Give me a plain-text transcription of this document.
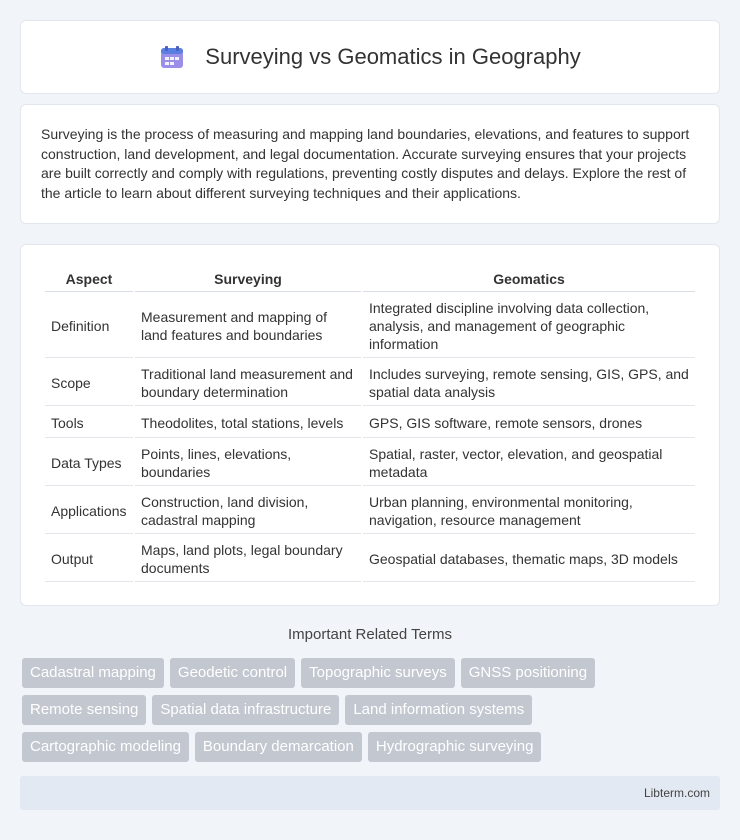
Surveying vs Geomatics in Geography

Surveying is the process of measuring and mapping land boundaries, elevations, and features to support construction, land development, and legal documentation. Accurate surveying ensures that your projects are built correctly and comply with regulations, preventing costly disputes and delays. Explore the rest of the article to learn about different surveying techniques and their applications.

Aspect	Surveying	Geomatics
Definition	Measurement and mapping of land features and boundaries	Integrated discipline involving data collection, analysis, and management of geographic information
Scope	Traditional land measurement and boundary determination	Includes surveying, remote sensing, GIS, GPS, and spatial data analysis
Tools	Theodolites, total stations, levels	GPS, GIS software, remote sensors, drones
Data Types	Points, lines, elevations, boundaries	Spatial, raster, vector, elevation, and geospatial metadata
Applications	Construction, land division, cadastral mapping	Urban planning, environmental monitoring, navigation, resource management
Output	Maps, land plots, legal boundary documents	Geospatial databases, thematic maps, 3D models
Important Related Terms
Cadastral mapping	Geodetic control	Topographic surveys	GNSS positioning
Remote sensing	Spatial data infrastructure	Land information systems
Cartographic modeling	Boundary demarcation	Hydrographic surveying
Libterm.com
